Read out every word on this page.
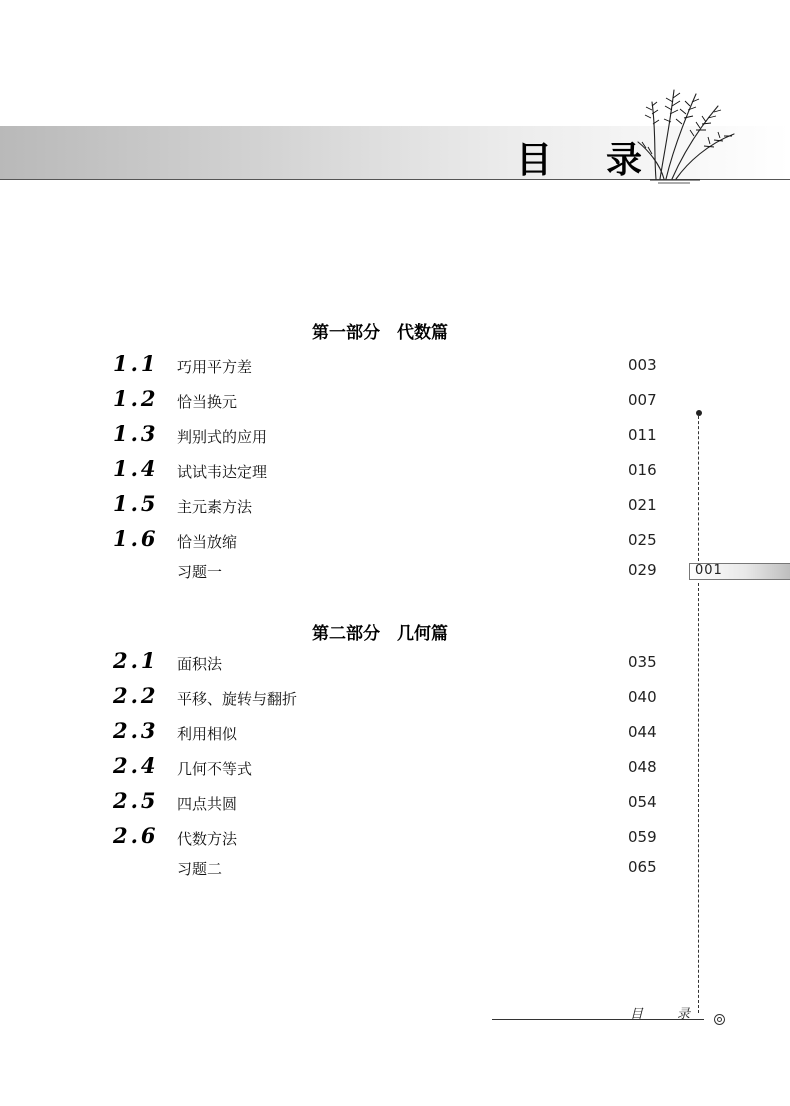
目 录
第一部分　代数篇
1.1 巧用平方差	003
1.2 恰当换元	007
1.3 判别式的应用	011
1.4 试试韦达定理	016
1.5 主元素方法	021
1.6 恰当放缩	025
习题一	029
第二部分　几何篇
2.1 面积法	035
2.2 平移、旋转与翻折	040
2.3 利用相似	044
2.4 几何不等式	048
2.5 四点共圆	054
2.6 代数方法	059
习题二	065
001
目	录
